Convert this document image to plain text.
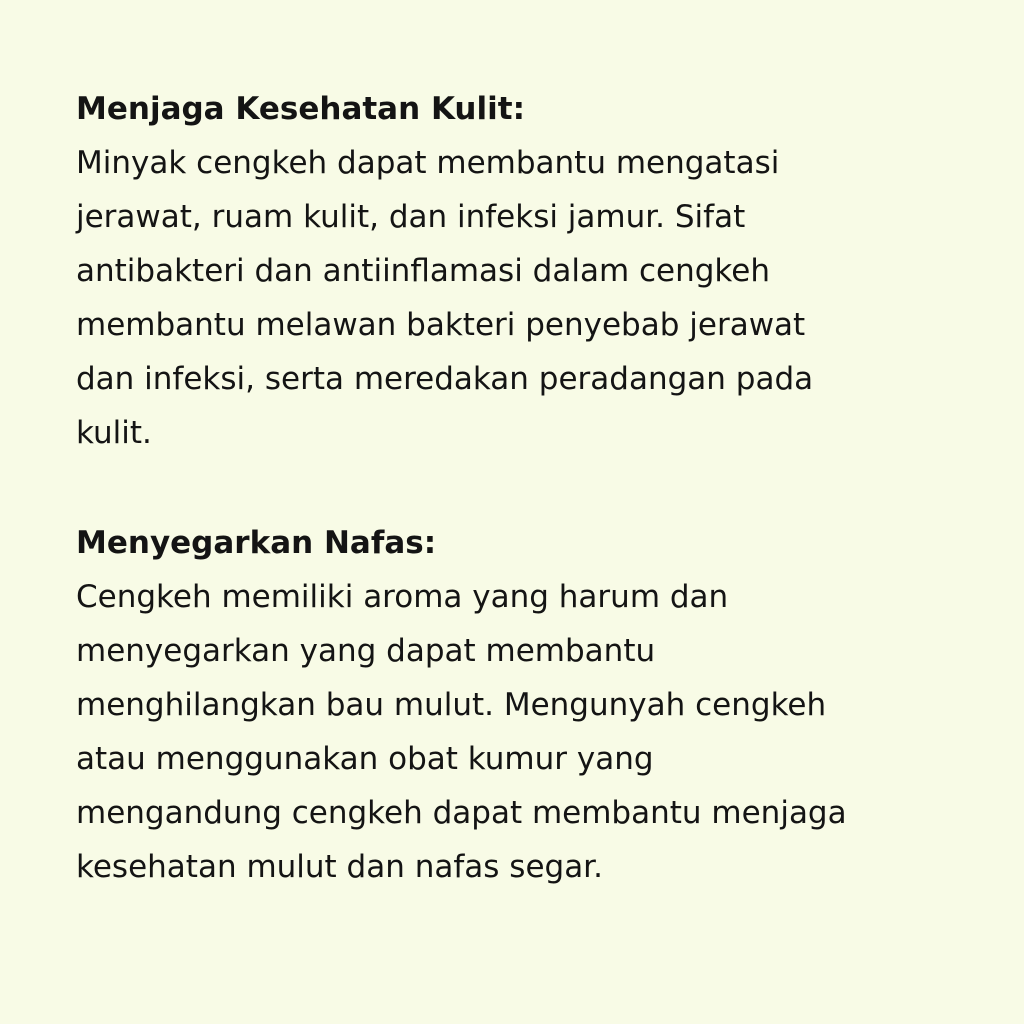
Menjaga Kesehatan Kulit:

Minyak cengkeh dapat membantu mengatasi
jerawat, ruam kulit, dan infeksi jamur. Sifat
antibakteri dan antiinflamasi dalam cengkeh
membantu melawan bakteri penyebab jerawat
dan infeksi, serta meredakan peradangan pada
kulit.

Menyegarkan Nafas:

Cengkeh memiliki aroma yang harum dan
menyegarkan yang dapat membantu
menghilangkan bau mulut. Mengunyah cengkeh
atau menggunakan obat kumur yang
mengandung cengkeh dapat membantu menjaga
kesehatan mulut dan nafas segar.
